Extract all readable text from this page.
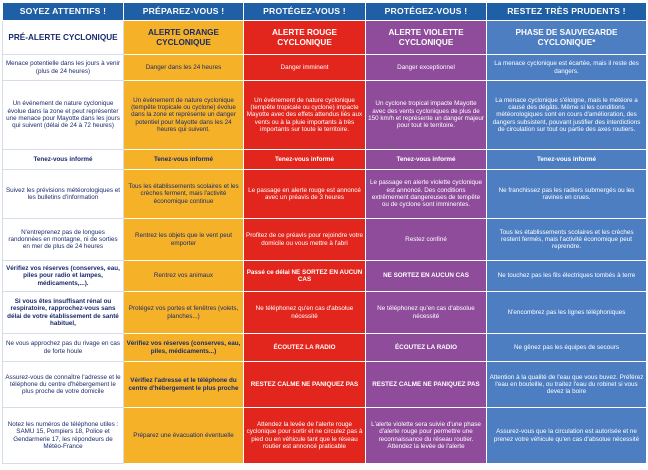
SOYEZ ATTENTIFS !	PRÉPAREZ-VOUS !	PROTÉGEZ-VOUS !	PROTÉGEZ-VOUS !	RESTEZ TRÈS PRUDENTS !
PRÉ-ALERTE CYCLONIQUE	ALERTE ORANGE CYCLONIQUE	ALERTE ROUGE CYCLONIQUE	ALERTE VIOLETTE CYCLONIQUE	PHASE DE SAUVEGARDE CYCLONIQUE*
Menace potentielle dans les jours à venir (plus de 24 heures)	Danger dans les 24 heures	Danger imminent	Danger exceptionnel	La menace cyclonique est écartée, mais il reste des dangers.
Un événement de nature cyclonique évolue dans la zone et peut représenter une menace pour Mayotte dans les jours qui suivent (délai de 24 à 72 heures)	Un événement de nature cyclonique (tempête tropicale ou cyclone) évolue dans la zone et représente un danger potentiel pour Mayotte dans les 24 heures qui suivent.	Un événement de nature cyclonique (tempête tropicale ou cyclone) impacte Mayotte avec des effets attendus liés aux vents ou à la pluie importants à très importants sur toute le territoire.	Un cyclone tropical impacte Mayotte avec des vents cycloniques de plus de 150 km/h et représente un danger majeur pour tout le territoire.	La menace cyclonique s'éloigne, mais le météore a causé des dégâts. Même si les conditions météorologiques sont en cours d'amélioration, des dangers subsistent, pouvant justifier des interdictions de circulation sur tout ou partie des axes routiers.
Tenez-vous informé	Tenez-vous informé	Tenez-vous informé	Tenez-vous informé	Tenez-vous informé
Suivez les prévisions météorologiques et les bulletins d'information	Tous les établissements scolaires et les crèches ferment, mais l'activité économique continue	Le passage en alerte rouge est annoncé avec un préavis de 3 heures	Le passage en alerte violette cyclonique est annoncé. Des conditions extrêmement dangereuses de tempête ou de cyclone sont imminentes.	Ne franchissez pas les radiers submergés ou les ravines en crues.
N'entreprenez pas de longues randonnées en montagne, ni de sorties en mer de plus de 24 heures	Rentrez les objets que le vent peut emporter	Profitez de ce préavis pour rejoindre votre domicile ou vous mettre à l'abri	Restez confiné	Tous les établissements scolaires et les crèches restent fermés, mais l'activité économique peut reprendre.
Vérifiez vos réserves (conserves, eau, piles pour radio et lampes, médicaments,...).	Rentrez vos animaux	Passé ce délai NE SORTEZ EN AUCUN CAS	NE SORTEZ EN AUCUN CAS	Ne touchez pas les fils électriques tombés à terre
Si vous êtes insuffisant rénal ou respiratoire, rapprochez-vous sans délai de votre établissement de santé habituel,	Protégez vos portes et fenêtres (volets, planches...)	Ne téléphonez qu'en cas d'absolue nécessité	Ne téléphonez qu'en cas d'absolue nécessité	N'encombrez pas les lignes téléphoniques
Ne vous approchez pas du rivage en cas de forte houle	Vérifiez vos réserves (conserves, eau, piles, médicaments...)	ÉCOUTEZ LA RADIO	ÉCOUTEZ LA RADIO	Ne gênez pas les équipes de secours
Assurez-vous de connaître l'adresse et le téléphone du centre d'hébergement le plus proche de votre domicile	Vérifiez l'adresse et le téléphone du centre d'hébergement le plus proche	RESTEZ CALME NE PANIQUEZ PAS	RESTEZ CALME NE PANIQUEZ PAS	Attention à la qualité de l'eau que vous buvez. Préférez l'eau en bouteille, ou traitez l'eau du robinet si vous devez la boire
Notez les numéros de téléphone utiles : SAMU 15, Pompiers 18, Police et Gendarmerie 17, les répondeurs de Météo-France	Préparez une évacuation éventuelle	Attendez la levée de l'alerte rouge cyclonique pour sortir et ne circulez pas à pied ou en véhicule tant que le réseau routier est annoncé praticable	L'alerte violette sera suivie d'une phase d'alerte rouge pour permettre une reconnaissance du réseau routier. Attendez la levée de l'alerte	Assurez-vous que la circulation est autorisée et ne prenez votre véhicule qu'en cas d'absolue nécessité
